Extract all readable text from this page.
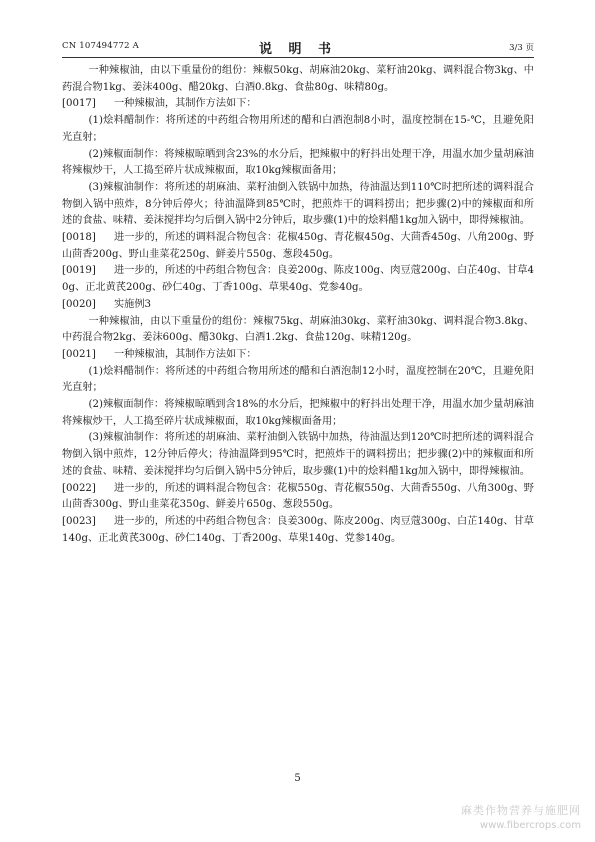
CN 107494772 A	说 明 书	3/3 页

一种辣椒油，由以下重量份的组份：辣椒50kg、胡麻油20kg、菜籽油20kg、调料混合物3kg、中药混合物1kg、姜沫400g、醋20kg、白酒0.8kg、食盐80g、味精80g。

[0017] 一种辣椒油，其制作方法如下：

(1)烩料醋制作：将所述的中药组合物用所述的醋和白酒泡制8小时，温度控制在15-℃，且避免阳光直射；

(2)辣椒面制作：将辣椒晾晒到含23%的水分后，把辣椒中的籽抖出处理干净，用温水加少量胡麻油将辣椒炒干，人工捣至碎片状成辣椒面，取10kg辣椒面备用；

(3)辣椒油制作：将所述的胡麻油、菜籽油倒入铁锅中加热，待油温达到110℃时把所述的调料混合物倒入锅中煎炸，8分钟后停火；待油温降到85℃时，把煎炸干的调料捞出；把步骤(2)中的辣椒面和所述的食盐、味精、姜沫搅拌均匀后倒入锅中2分钟后，取步骤(1)中的烩料醋1kg加入锅中，即得辣椒油。

[0018] 进一步的，所述的调料混合物包含：花椒450g、青花椒450g、大茴香450g、八角200g、野山茴香200g、野山韭菜花250g、鲜姜片550g、葱段450g。

[0019] 进一步的，所述的中药组合物包含：良姜200g、陈皮100g、肉豆蔻200g、白芷40g、甘草40g、正北黄芪200g、砂仁40g、丁香100g、草果40g、党参40g。

[0020] 实施例3

一种辣椒油，由以下重量份的组份：辣椒75kg、胡麻油30kg、菜籽油30kg、调料混合物3.8kg、中药混合物2kg、姜沫600g、醋30kg、白酒1.2kg、食盐120g、味精120g。

[0021] 一种辣椒油，其制作方法如下：

(1)烩料醋制作：将所述的中药组合物用所述的醋和白酒泡制12小时，温度控制在20℃，且避免阳光直射；

(2)辣椒面制作：将辣椒晾晒到含18%的水分后，把辣椒中的籽抖出处理干净，用温水加少量胡麻油将辣椒炒干，人工捣至碎片状成辣椒面，取10kg辣椒面备用；

(3)辣椒油制作：将所述的胡麻油、菜籽油倒入铁锅中加热，待油温达到120℃时把所述的调料混合物倒入锅中煎炸，12分钟后停火；待油温降到95℃时，把煎炸干的调料捞出；把步骤(2)中的辣椒面和所述的食盐、味精、姜沫搅拌均匀后倒入锅中5分钟后，取步骤(1)中的烩料醋1kg加入锅中，即得辣椒油。

[0022] 进一步的，所述的调料混合物包含：花椒550g、青花椒550g、大茴香550g、八角300g、野山茴香300g、野山韭菜花350g、鲜姜片650g、葱段550g。

[0023] 进一步的，所述的中药组合物包含：良姜300g、陈皮200g、肉豆蔻300g、白芷140g、甘草140g、正北黄芪300g、砂仁140g、丁香200g、草果140g、党参140g。

5
麻类作物营养与施肥网
www.fibercrops.com
